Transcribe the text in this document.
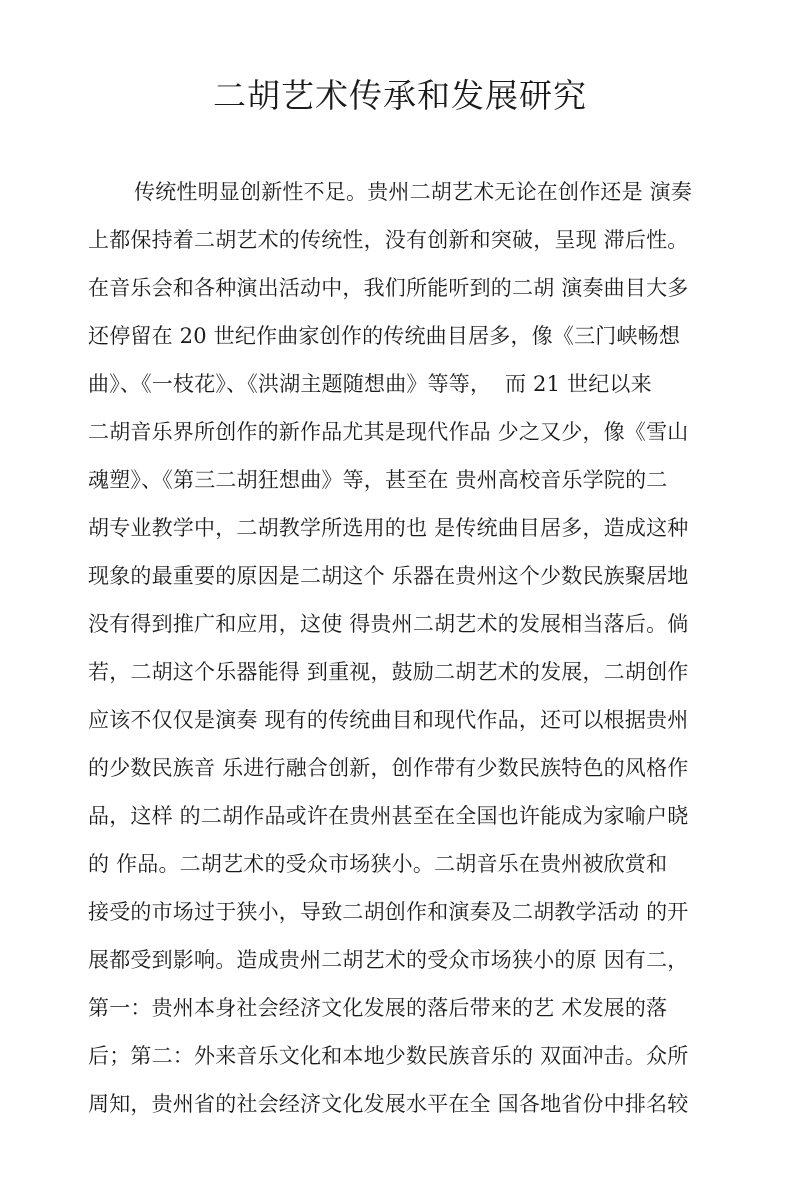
二胡艺术传承和发展研究
传统性明显创新性不足。贵州二胡艺术无论在创作还是 演奏
上都保持着二胡艺术的传统性，没有创新和突破，呈现 滞后性。
在音乐会和各种演出活动中，我们所能听到的二胡 演奏曲目大多
还停留在 20 世纪作曲家创作的传统曲目居多，像《三门峡畅想
曲》、《一枝花》、《洪湖主题随想曲》等等，  而 21 世纪以来
二胡音乐界所创作的新作品尤其是现代作品 少之又少，像《雪山
魂塑》、《第三二胡狂想曲》等，甚至在 贵州高校音乐学院的二
胡专业教学中，二胡教学所选用的也 是传统曲目居多，造成这种
现象的最重要的原因是二胡这个 乐器在贵州这个少数民族聚居地
没有得到推广和应用，这使 得贵州二胡艺术的发展相当落后。倘
若，二胡这个乐器能得 到重视，鼓励二胡艺术的发展，二胡创作
应该不仅仅是演奏 现有的传统曲目和现代作品，还可以根据贵州
的少数民族音 乐进行融合创新，创作带有少数民族特色的风格作
品，这样 的二胡作品或许在贵州甚至在全国也许能成为家喻户晓
的 作品。二胡艺术的受众市场狭小。二胡音乐在贵州被欣赏和
接受的市场过于狭小，导致二胡创作和演奏及二胡教学活动 的开
展都受到影响。造成贵州二胡艺术的受众市场狭小的原 因有二，
第一：贵州本身社会经济文化发展的落后带来的艺 术发展的落
后；第二：外来音乐文化和本地少数民族音乐的 双面冲击。众所
周知，贵州省的社会经济文化发展水平在全 国各地省份中排名较
